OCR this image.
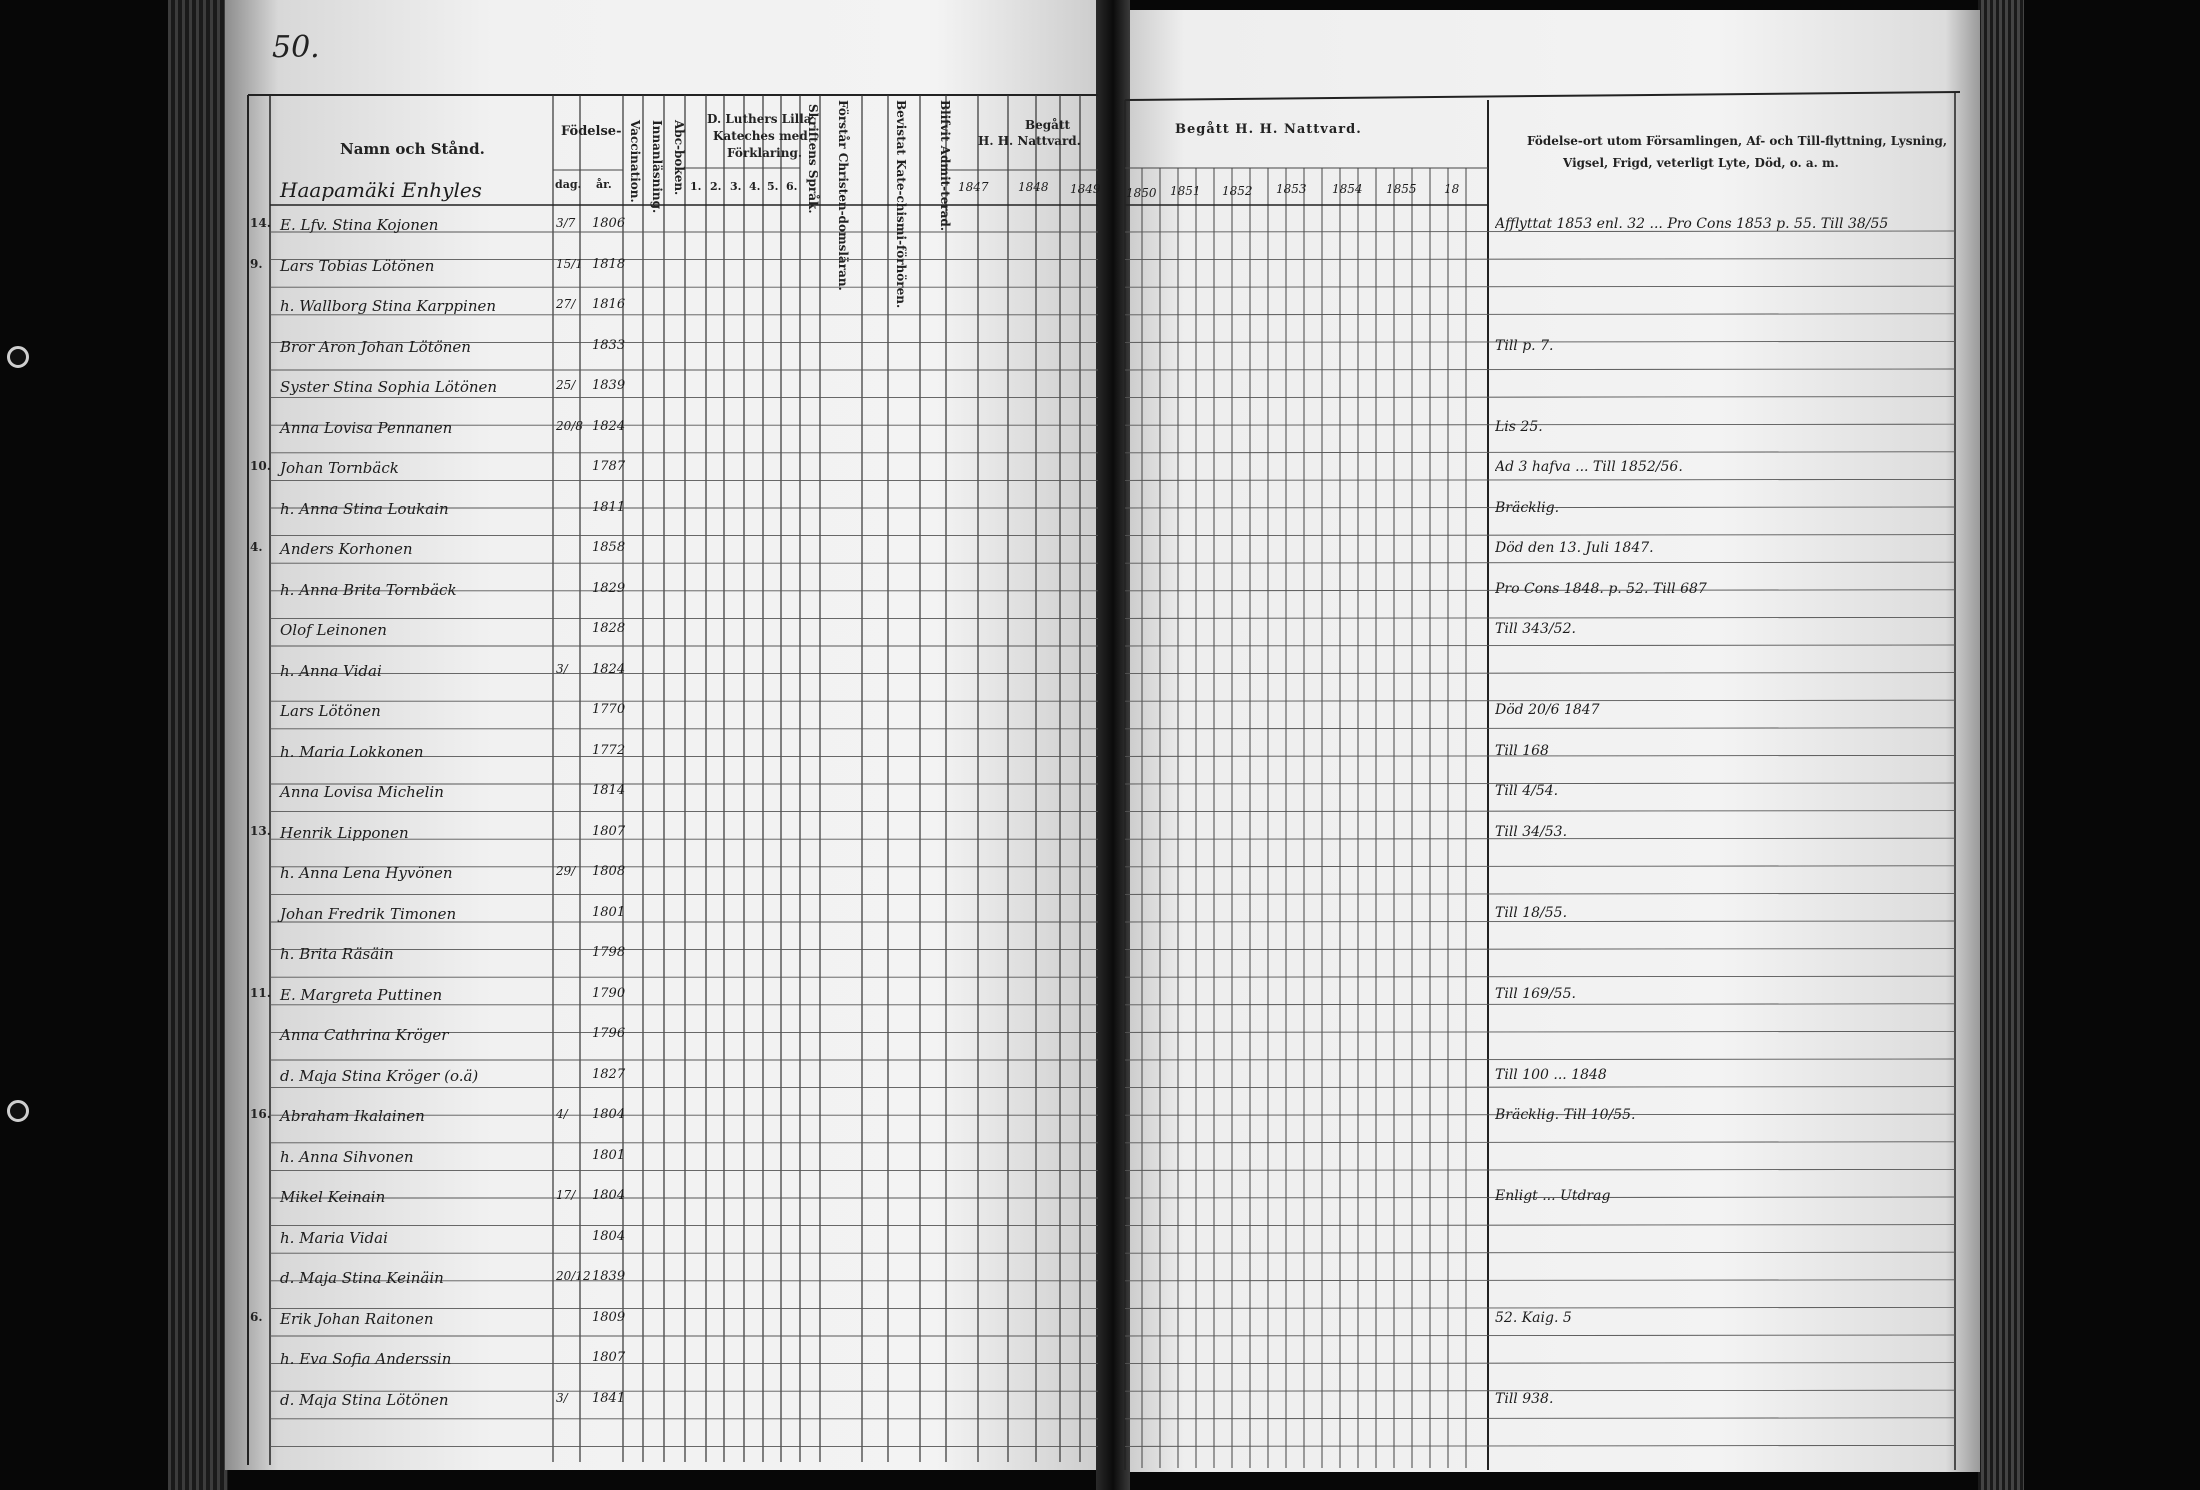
50.
Namn och Stånd.
Födelse-
dag. år. Vaccination. Innanläsning. Abc-boken.
D. Luthers Lilla
Kateches med
Förklaring.
1. 2. 3. 4. 5. 6. Skriftens Språk. Förstår Christen-domsläran.	Bevistat Kate-chismi-förhören.	Blifvit Admit-terad.	Begått
H. H. Nattvard.
1847 1848 1849
Begått H. H. Nattvard.
1850 1851 1852 1853 1854 1855 18
Födelse-ort utom Församlingen, Af- och Till-flyttning, Lysning,
Vigsel, Frigd, veterligt Lyte, Död, o. a. m.
Haapamäki Enhyles
14. E. Lfv. Stina Kojonen	3/7 1806	Afflyttat 1853 enl. 32 ... Pro Cons 1853 p. 55. Till 38/55
9. Lars Tobias Lötönen	15/1 1818
h. Wallborg Stina Karppinen	27/ 1816
Bror Aron Johan Lötönen	1833	Till p. 7.
Syster Stina Sophia Lötönen	25/ 1839
Anna Lovisa Pennanen	20/8 1824	Lis 25.
10. Johan Tornbäck	1787	Ad 3 hafva ... Till 1852/56.
h. Anna Stina Loukain	1811	Bräcklig.
4. Anders Korhonen	1858	Död den 13. Juli 1847.
h. Anna Brita Tornbäck	1829	Pro Cons 1848. p. 52. Till 687
Olof Leinonen	1828	Till 343/52.
h. Anna Vidai	3/ 1824
Lars Lötönen	1770	Död 20/6 1847
h. Maria Lokkonen	1772	Till 168
Anna Lovisa Michelin	1814	Till 4/54.
13. Henrik Lipponen	1807	Till 34/53.
h. Anna Lena Hyvönen	29/ 1808
Johan Fredrik Timonen	1801	Till 18/55.
h. Brita Räsäin	1798
11. E. Margreta Puttinen	1790	Till 169/55.
Anna Cathrina Kröger	1796
d. Maja Stina Kröger (o.ä)	1827	Till 100 ... 1848
16. Abraham Ikalainen	4/ 1804	Bräcklig. Till 10/55.
h. Anna Sihvonen	1801
Mikel Keinain	17/ 1804	Enligt ... Utdrag
h. Maria Vidai	1804
d. Maja Stina Keinäin	20/12 1839
6. Erik Johan Raitonen	1809	52. Kaig. 5
h. Eva Sofia Anderssin	1807
d. Maja Stina Lötönen	3/ 1841	Till 938.
